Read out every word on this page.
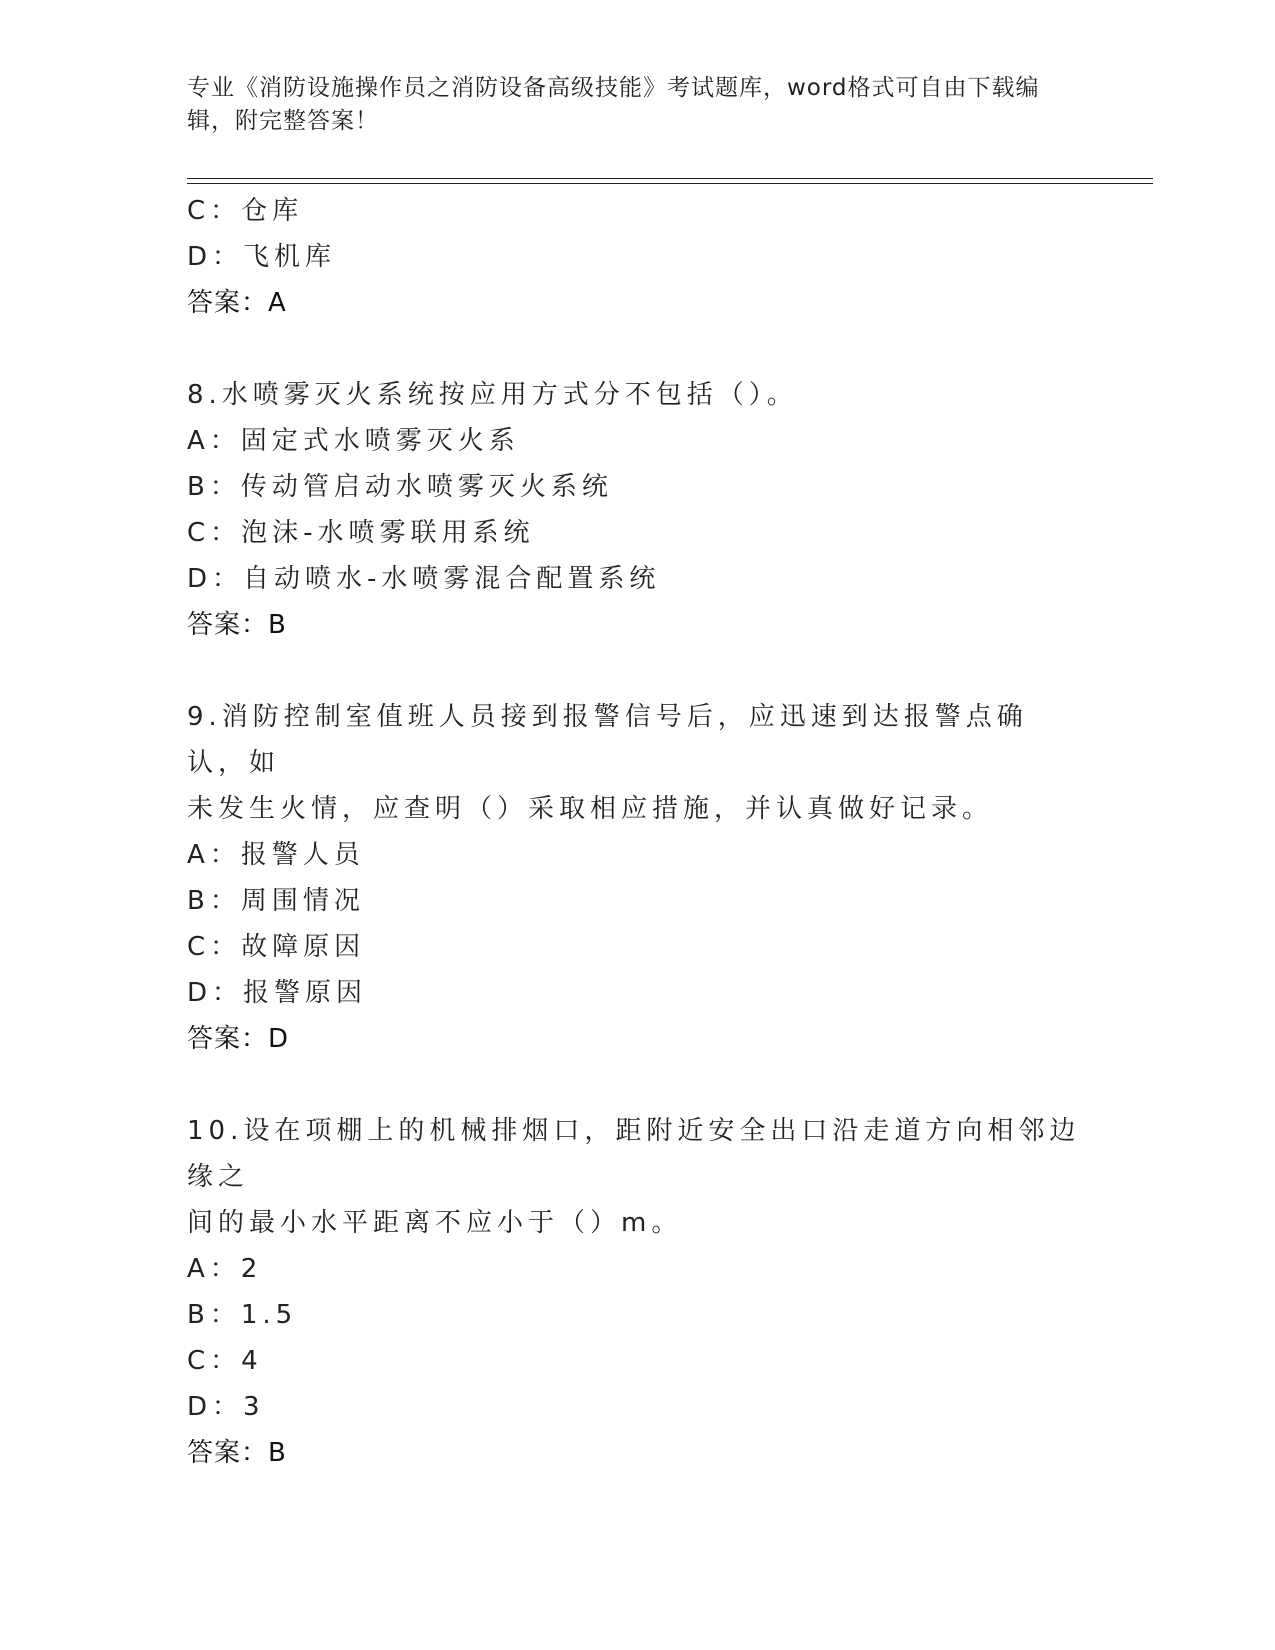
专业《消防设施操作员之消防设备高级技能》考试题库，word格式可自由下载编辑，附完整答案！
C：仓库
D：飞机库
答案：A
8.水喷雾灭火系统按应用方式分不包括（）。
A：固定式水喷雾灭火系
B：传动管启动水喷雾灭火系统
C：泡沫-水喷雾联用系统
D：自动喷水-水喷雾混合配置系统
答案：B
9.消防控制室值班人员接到报警信号后，应迅速到达报警点确认，如
未发生火情，应查明（）采取相应措施，并认真做好记录。
A：报警人员
B：周围情况
C：故障原因
D：报警原因
答案：D
10.设在项棚上的机械排烟口，距附近安全出口沿走道方向相邻边缘之
间的最小水平距离不应小于（）m。
A：2
B：1.5
C：4
D：3
答案：B
